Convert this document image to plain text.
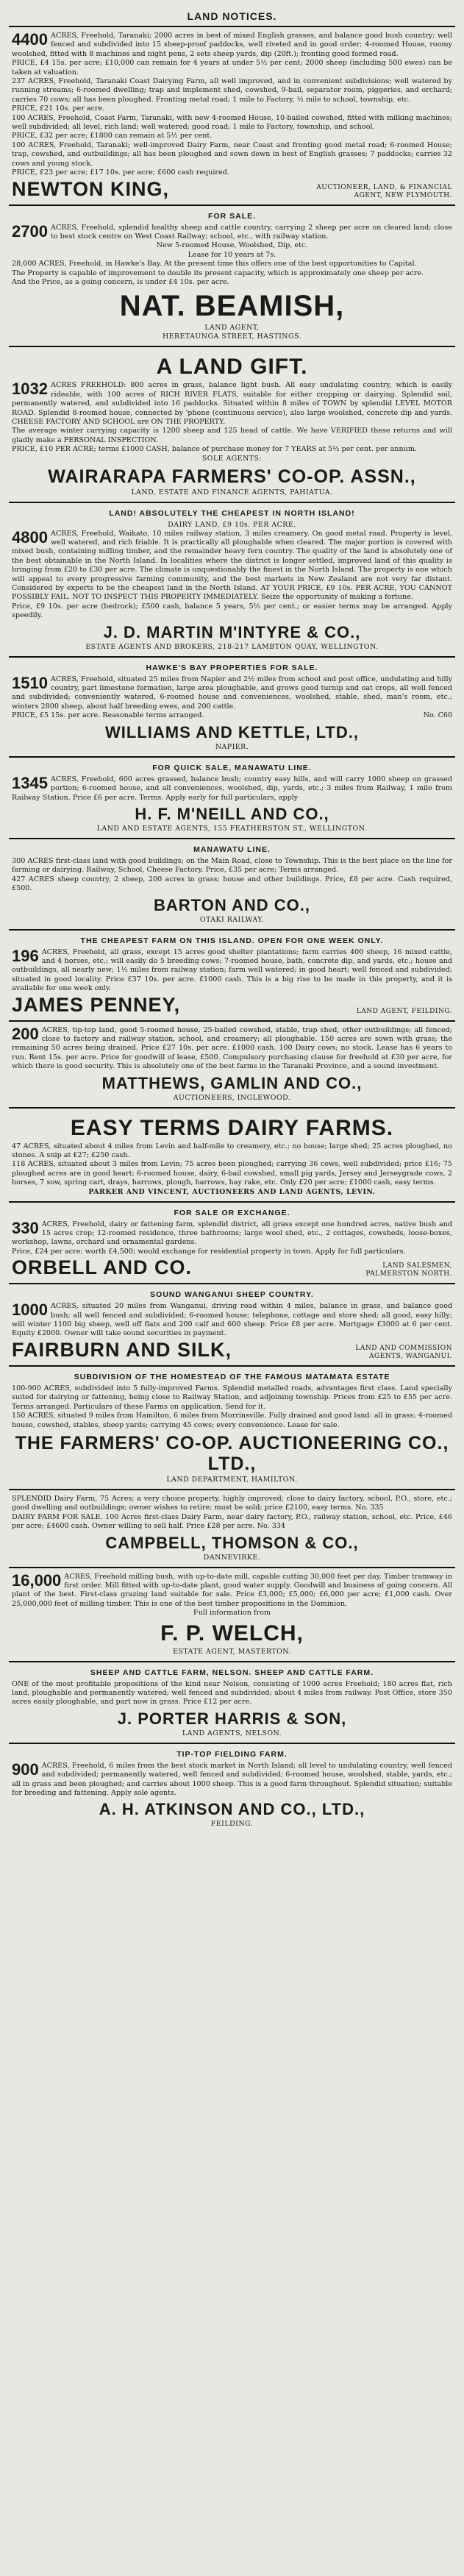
LAND NOTICES.

4400 ACRES, Freehold, Taranaki; 2000 acres in best of mixed English grasses, and balance good bush country; well fenced and subdivided into 15 sheep-proof paddocks, well riveted and in good order; 4-roomed House, roomy woolshed, fitted with 8 machines and night pens, 2 sets sheep yards, dip (20ft.); fronting good formed road.

PRICE, £4 15s. per acre; £10,000 can remain for 4 years at under 5½ per cent; 2000 sheep (including 500 ewes) can be taken at valuation.

237 ACRES, Freehold, Taranaki Coast Dairying Farm, all well improved, and in convenient subdivisions; well watered by running streams; 6-roomed dwelling; trap and implement shed, cowshed, 9-bail, separator room, piggeries, and orchard; carries 70 cows; all has been ploughed. Fronting metal road; 1 mile to Factory, ½ mile to school, township, etc.

PRICE, £21 10s. per acre.

100 ACRES, Freehold, Coast Farm, Taranaki, with new 4-roomed House, 10-bailed cowshed, fitted with milking machines; well subdivided; all level, rich land; well watered; good road; 1 mile to Factory, township, and school.

PRICE, £32 per acre; £1800 can remain at 5½ per cent.

100 ACRES, Freehold, Taranaki; well-improved Dairy Farm, near Coast and fronting good metal road; 6-roomed House; trap, cowshed, and outbuildings; all has been ploughed and sown down in best of English grasses; 7 paddocks; carries 32 cows and young stock.

PRICE, £23 per acre; £17 10s. per acre; £600 cash required.

NEWTON KING,	AUCTIONEER, LAND, & FINANCIAL AGENT, NEW PLYMOUTH.
FOR SALE.

2700 ACRES, Freehold, splendid healthy sheep and cattle country, carrying 2 sheep per acre on cleared land; close to best stock centre on West Coast Railway; school, etc., with railway station.

New 5-roomed House, Woolshed, Dip, etc.

Lease for 10 years at 7s.

28,000 ACRES, Freehold, in Hawke's Bay. At the present time this offers one of the best opportunities to Capital.

The Property is capable of improvement to double its present capacity, which is approximately one sheep per acre.

And the Price, as a going concern, is under £4 10s. per acre.

NAT. BEAMISH,
LAND AGENT,
HERETAUNGA STREET, HASTINGS.
A LAND GIFT.

1032 ACRES FREEHOLD: 800 acres in grass, balance light bush. All easy undulating country, which is easily rideable, with 100 acres of RICH RIVER FLATS, suitable for either cropping or dairying. Splendid soil, permanently watered, and subdivided into 16 paddocks. Situated within 8 miles of TOWN by splendid LEVEL MOTOR ROAD. Splendid 8-roomed house, connected by 'phone (continuous service), also large woolshed, concrete dip and yards. CHEESE FACTORY AND SCHOOL are ON THE PROPERTY.

The average winter carrying capacity is 1200 sheep and 125 head of cattle. We have VERIFIED these returns and will gladly make a PERSONAL INSPECTION.

PRICE, £10 PER ACRE; terms £1000 CASH, balance of purchase money for 7 YEARS at 5½ per cent. per annum.

SOLE AGENTS:
WAIRARAPA FARMERS' CO-OP. ASSN.,
LAND, ESTATE AND FINANCE AGENTS, PAHIATUA.
LAND! ABSOLUTELY THE CHEAPEST IN NORTH ISLAND!
DAIRY LAND, £9 10s. PER ACRE.

4800 ACRES, Freehold, Waikato, 10 miles railway station, 3 miles creamery. On good metal road. Property is level, well watered, and rich friable. It is practically all ploughable when cleared. The major portion is covered with mixed bush, containing milling timber, and the remainder heavy fern country. The quality of the land is absolutely one of the best obtainable in the North Island. In localities where the district is longer settled, improved land of this quality is bringing from £20 to £30 per acre. The climate is unquestionably the finest in the North Island. The property is one which will appeal to every progressive farming community, and the best markets in New Zealand are not very far distant. Considered by experts to be the cheapest land in the North Island. AT YOUR PRICE, £9 10s. PER ACRE, YOU CANNOT POSSIBLY FAIL. NOT TO INSPECT THIS PROPERTY IMMEDIATELY. Seize the opportunity of making a fortune.

Price, £9 10s. per acre (bedrock); £500 cash, balance 5 years, 5½ per cent.; or easier terms may be arranged. Apply speedily.

J. D. MARTIN M'INTYRE & CO.,
ESTATE AGENTS AND BROKERS, 218-217 LAMBTON QUAY, WELLINGTON.
HAWKE'S BAY PROPERTIES FOR SALE.

1510 ACRES, Freehold, situated 25 miles from Napier and 2½ miles from school and post office, undulating and hilly country, part limestone formation, large area ploughable, and grows good turnip and oat crops, all well fenced and subdivided; conveniently watered, 6-roomed house and conveniences, woolshed, stable, shed, man's room, etc.; winters 2800 sheep, about half breeding ewes, and 200 cattle.

PRICE, £5 15s. per acre. Reasonable terms arranged.	No. C60

WILLIAMS AND KETTLE, LTD.,
NAPIER.
FOR QUICK SALE, MANAWATU LINE.

1345 ACRES, Freehold, 600 acres grassed, balance bush; country easy hills, and will carry 1000 sheep on grassed portion; 6-roomed house, and all conveniences, woolshed, dip, yards, etc.; 3 miles from Railway, 1 mile from Railway Station. Price £6 per acre. Terms. Apply early for full particulars, apply

H. F. M'NEILL AND CO.,
LAND AND ESTATE AGENTS, 155 FEATHERSTON ST., WELLINGTON.
MANAWATU LINE.

300 ACRES first-class land with good buildings; on the Main Road, close to Township. This is the best place on the line for farming or dairying. Railway, School, Cheese Factory. Price, £35 per acre; Terms arranged.

427 ACRES sheep country, 2 sheep, 200 acres in grass; house and other buildings. Price, £8 per acre. Cash required, £500.

BARTON AND CO.,
OTAKI RAILWAY.
THE CHEAPEST FARM ON THIS ISLAND. OPEN FOR ONE WEEK ONLY.

196 ACRES, Freehold, all grass, except 15 acres good shelter plantations; farm carries 400 sheep, 16 mixed cattle, and 4 horses, etc.; will easily do 5 breeding cows; 7-roomed house, bath, concrete dip, and yards, etc.; house and outbuildings, all nearly new; 1½ miles from railway station; farm well watered; in good heart; well fenced and subdivided; situated in good locality. Price £37 10s. per acre. £1000 cash. This is a big rise to be made in this property, and it is available for one week only.

JAMES PENNEY,	LAND AGENT, FEILDING.

200 ACRES, tip-top land, good 5-roomed house, 25-bailed cowshed, stable, trap shed, other outbuildings; all fenced; close to factory and railway station, school, and creamery; all ploughable. 150 acres are sown with grass; the remaining 50 acres being drained. Price £27 10s. per acre. £1000 cash. 100 Dairy cows; no stock. Lease has 6 years to run. Rent 15s. per acre. Price for goodwill of lease, £500. Compulsory purchasing clause for freehold at £30 per acre, for which there is good security. This is absolutely one of the best farms in the Taranaki Province, and a sound investment.

MATTHEWS, GAMLIN AND CO.,
AUCTIONEERS, INGLEWOOD.
EASY TERMS DAIRY FARMS.

47 ACRES, situated about 4 miles from Levin and half-mile to creamery, etc.; no house; large shed; 25 acres ploughed, no stones. A snip at £27; £250 cash.

118 ACRES, situated about 3 miles from Levin; 75 acres been ploughed; carrying 36 cows, well subdivided; price £16; 75 ploughed acres are in good heart; 6-roomed house, dairy, 6-bail cowshed, small pig yards, Jersey and Jerseygrade cows, 2 horses, 7 sow, spring cart, drays, harrows, plough, harrows, hay rake, etc. Only £20 per acre; £1000 cash, easy terms.

PARKER AND VINCENT, AUCTIONEERS AND LAND AGENTS, LEVIN.
FOR SALE OR EXCHANGE.

330 ACRES, Freehold, dairy or fattening farm, splendid district, all grass except one hundred acres, native bush and 15 acres crop; 12-roomed residence, three bathrooms; large wool shed, etc., 2 cottages, cowsheds, loose-boxes, workshop, lawns, orchard and ornamental gardens.

Price, £24 per acre; worth £4,500; would exchange for residential property in town. Apply for full particulars.

ORBELL AND CO.	LAND SALESMEN, PALMERSTON NORTH.
SOUND WANGANUI SHEEP COUNTRY.

1000 ACRES, situated 20 miles from Wanganui, driving road within 4 miles, balance in grass, and balance good bush; all well fenced and subdivided; 6-roomed house; telephone, cottage and store shed; all good, easy hilly; will winter 1100 big sheep, well off flats and 200 calf and 600 sheep. Price £8 per acre. Mortgage £3000 at 6 per cent. Equity £2000. Owner will take sound securities in payment.

FAIRBURN AND SILK,	LAND AND COMMISSION AGENTS, WANGANUI.
SUBDIVISION OF THE HOMESTEAD OF THE FAMOUS MATAMATA ESTATE

100-900 ACRES, subdivided into 5 fully-improved Farms. Splendid metalled roads, advantages first class. Land specially suited for dairying or fattening, being close to Railway Station, and adjoining township. Prices from £25 to £55 per acre. Terms arranged. Particulars of these Farms on application. Send for it.

150 ACRES, situated 9 miles from Hamilton, 6 miles from Morrinsville. Fully drained and good land: all in grass; 4-roomed house, cowshed, stables, sheep yards; carrying 45 cows; every convenience. Lease for sale.

THE FARMERS' CO-OP. AUCTIONEERING CO., LTD.,
LAND DEPARTMENT, HAMILTON.

SPLENDID Dairy Farm, 75 Acres; a very choice property, highly improved; close to dairy factory, school, P.O., store, etc.; good dwelling and outbuildings; owner wishes to retire; must be sold; price £2100, easy terms. No. 335

DAIRY FARM FOR SALE. 100 Acres first-class Dairy Farm, near dairy factory, P.O., railway station, school, etc. Price, £46 per acre; £4600 cash. Owner willing to sell half. Price £28 per acre. No. 334

CAMPBELL, THOMSON & CO.,
DANNEVIRKE.

16,000 ACRES, Freehold milling bush, with up-to-date mill, capable cutting 30,000 feet per day. Timber tramway in first order. Mill fitted with up-to-date plant, good water supply. Goodwill and business of going concern. All plant of the best. First-class grazing land suitable for sale. Price £3,000; £5,000; £6,000 per acre; £1,000 cash. Over 25,000,000 feet of milling timber. This is one of the best timber propositions in the Dominion.

Full information from

F. P. WELCH,
ESTATE AGENT, MASTERTON.
SHEEP AND CATTLE FARM, NELSON. SHEEP AND CATTLE FARM.

ONE of the most profitable propositions of the kind near Nelson, consisting of 1000 acres Freehold; 180 acres flat, rich land, ploughable and permanently watered; well fenced and subdivided; about 4 miles from railway. Post Office, store 350 acres easily ploughable, and part now in grass. Price £12 per acre.

J. PORTER HARRIS & SON,
LAND AGENTS, NELSON.
TIP-TOP FIELDING FARM.

900 ACRES, Freehold, 6 miles from the best stock market in North Island; all level to undulating country, well fenced and subdivided; permanently watered, well fenced and subdivided; 6-roomed house, woolshed, stable, yards, etc.; all in grass and been ploughed; and carries about 1000 sheep. This is a good farm throughout. Splendid situation; suitable for breeding and fattening. Apply sole agents.

A. H. ATKINSON AND CO., LTD.,
FEILDING.
